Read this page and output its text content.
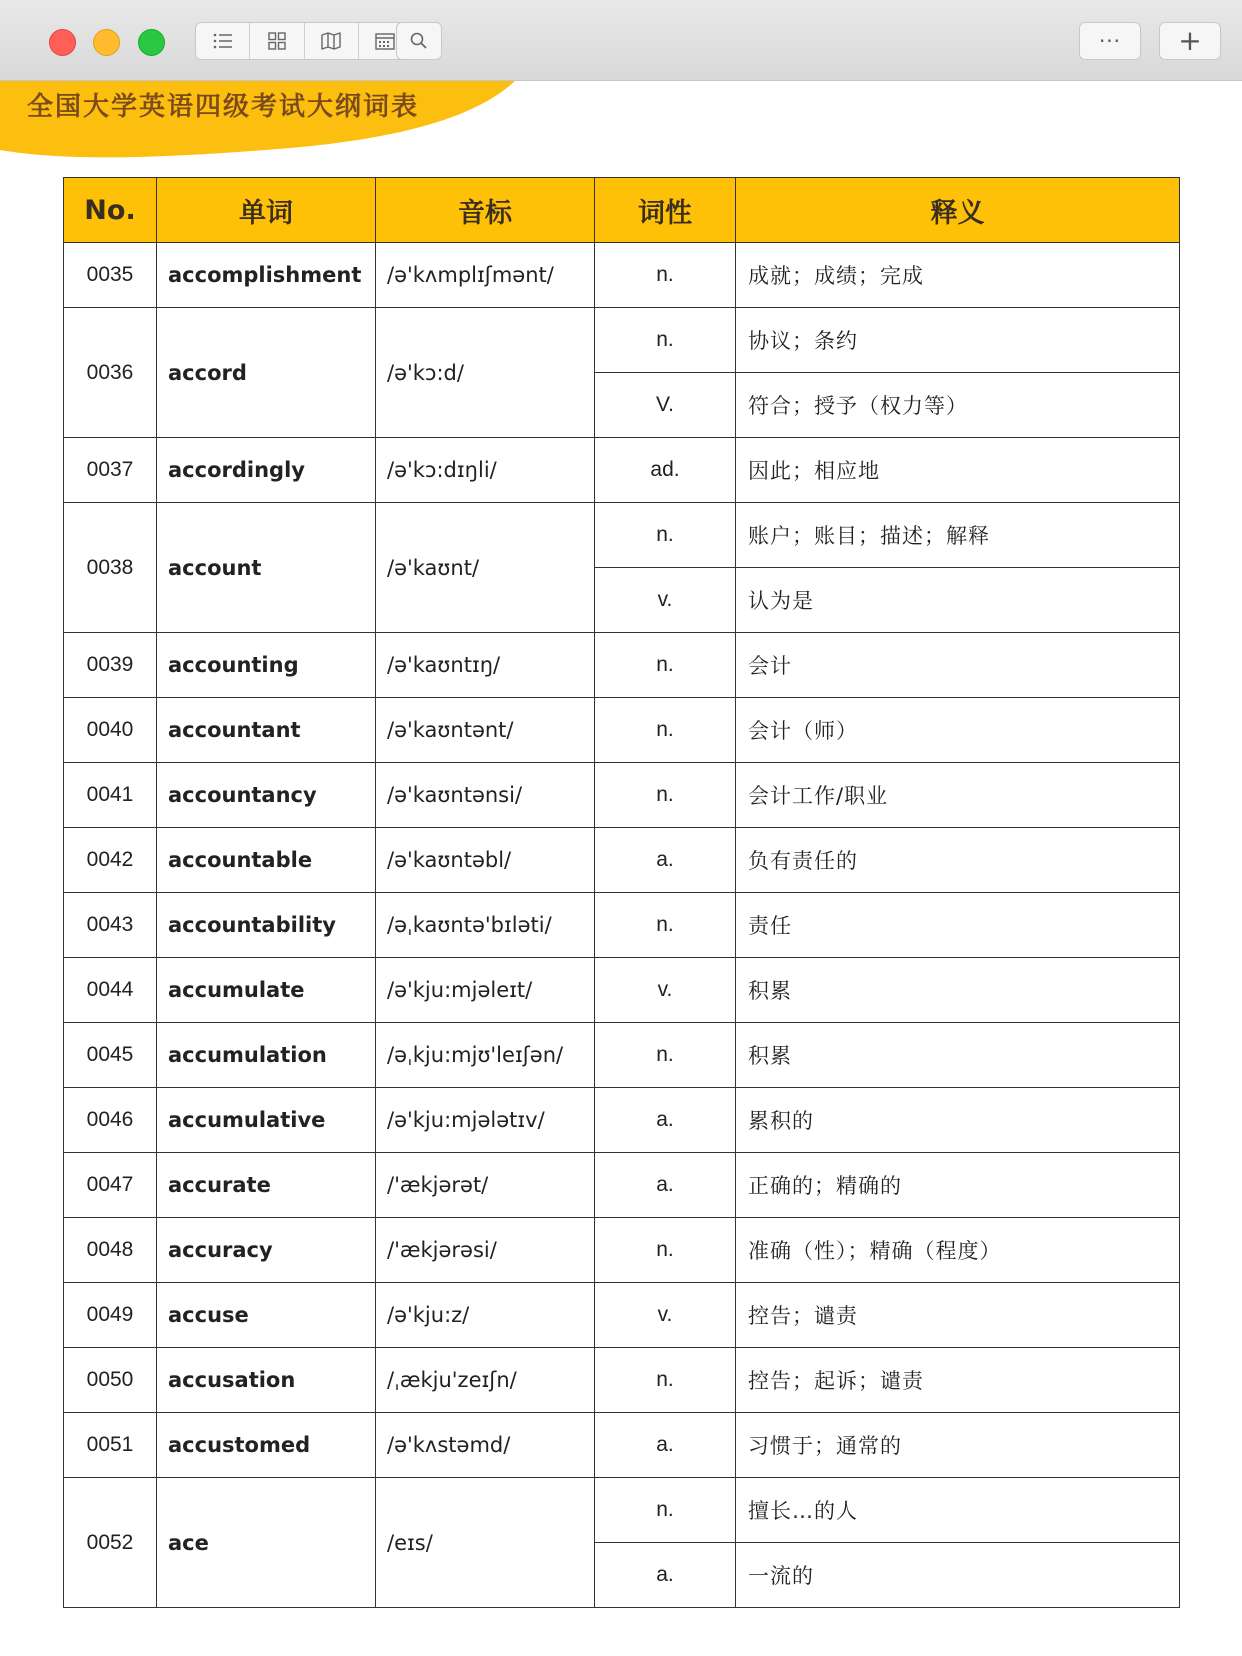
···	+
全国大学英语四级考试大纲词表
No.	单词	音标	词性	释义
0035	accomplishment	/ə'kʌmplɪʃmənt/	n.	成就；成绩；完成
0036	accord	/ə'kɔ:d/	n.	协议；条约
			V.	符合；授予（权力等）
0037	accordingly	/ə'kɔ:dɪŋli/	ad.	因此；相应地
0038	account	/ə'kaʊnt/	n.	账户；账目；描述；解释
			v.	认为是
0039	accounting	/ə'kaʊntɪŋ/	n.	会计
0040	accountant	/ə'kaʊntənt/	n.	会计（师）
0041	accountancy	/ə'kaʊntənsi/	n.	会计工作/职业
0042	accountable	/ə'kaʊntəbl/	a.	负有责任的
0043	accountability	/əˌkaʊntə'bɪləti/	n.	责任
0044	accumulate	/ə'kju:mjəleɪt/	v.	积累
0045	accumulation	/əˌkju:mjʊ'leɪʃən/	n.	积累
0046	accumulative	/ə'kju:mjələtɪv/	a.	累积的
0047	accurate	/'ækjərət/	a.	正确的；精确的
0048	accuracy	/'ækjərəsi/	n.	准确（性）；精确（程度）
0049	accuse	/ə'kju:z/	v.	控告；谴责
0050	accusation	/ˌækju'zeɪʃn/	n.	控告；起诉；谴责
0051	accustomed	/ə'kʌstəmd/	a.	习惯于；通常的
0052	ace	/eɪs/	n.	擅长…的人
			a.	一流的
